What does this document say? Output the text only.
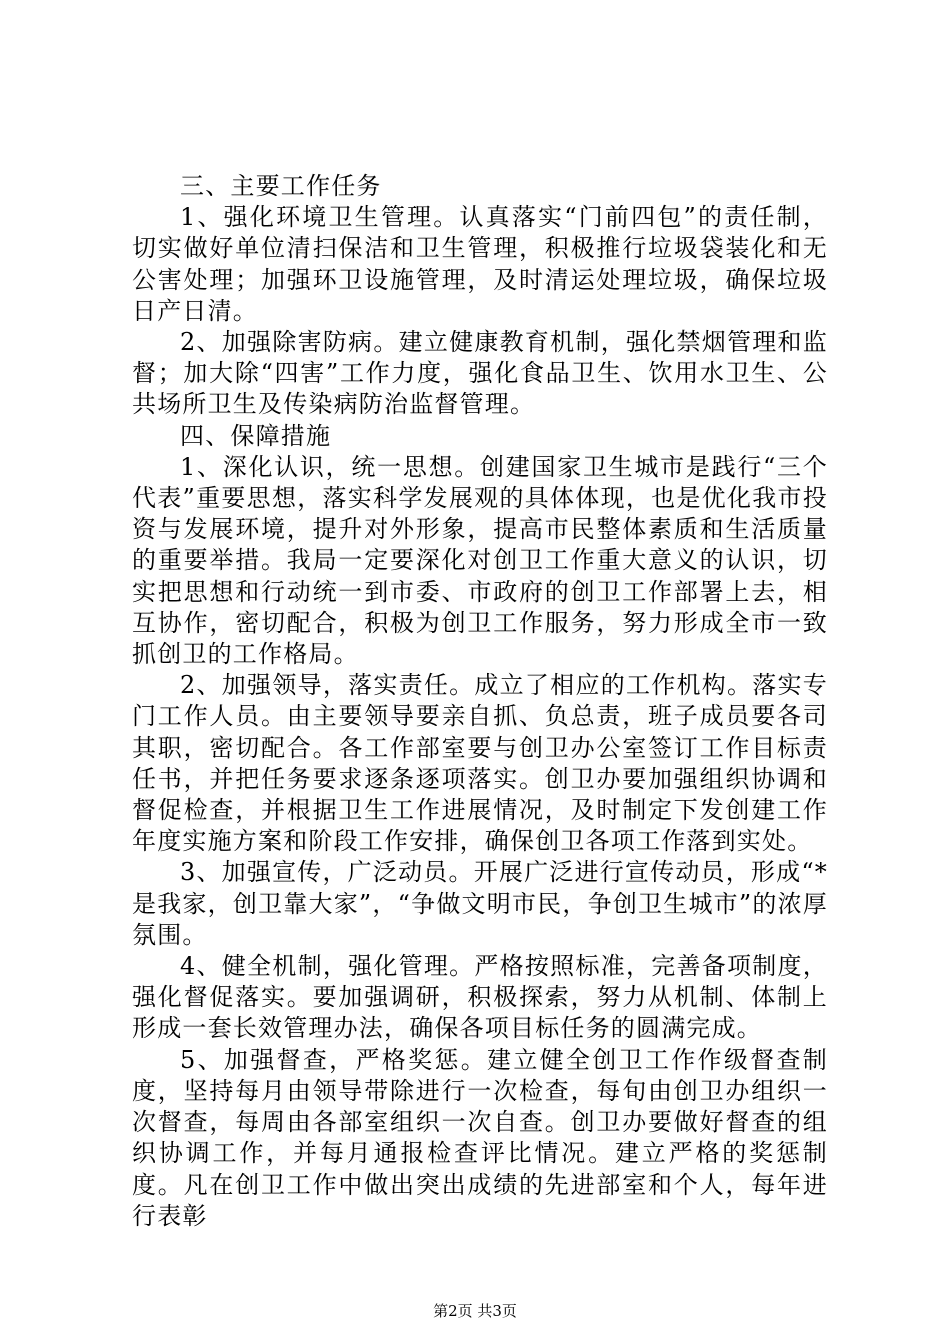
三、主要工作任务

1、强化环境卫生管理。认真落实“门前四包”的责任制，切实做好单位清扫保洁和卫生管理，积极推行垃圾袋装化和无公害处理；加强环卫设施管理，及时清运处理垃圾，确保垃圾日产日清。

2、加强除害防病。建立健康教育机制，强化禁烟管理和监督；加大除“四害”工作力度，强化食品卫生、饮用水卫生、公共场所卫生及传染病防治监督管理。

四、保障措施

1、深化认识，统一思想。创建国家卫生城市是践行“三个代表”重要思想，落实科学发展观的具体体现，也是优化我市投资与发展环境，提升对外形象，提高市民整体素质和生活质量的重要举措。我局一定要深化对创卫工作重大意义的认识，切实把思想和行动统一到市委、市政府的创卫工作部署上去，相互协作，密切配合，积极为创卫工作服务，努力形成全市一致抓创卫的工作格局。

2、加强领导，落实责任。成立了相应的工作机构。落实专门工作人员。由主要领导要亲自抓、负总责，班子成员要各司其职，密切配合。各工作部室要与创卫办公室签订工作目标责任书，并把任务要求逐条逐项落实。创卫办要加强组织协调和督促检查，并根据卫生工作进展情况，及时制定下发创建工作年度实施方案和阶段工作安排，确保创卫各项工作落到实处。

3、加强宣传，广泛动员。开展广泛进行宣传动员，形成“*是我家，创卫靠大家”，“争做文明市民，争创卫生城市”的浓厚氛围。

4、健全机制，强化管理。严格按照标准，完善备项制度，强化督促落实。要加强调研，积极探索，努力从机制、体制上形成一套长效管理办法，确保各项目标任务的圆满完成。

5、加强督查，严格奖惩。建立健全创卫工作作级督查制度，坚持每月由领导带除进行一次检查，每旬由创卫办组织一次督查，每周由各部室组织一次自查。创卫办要做好督查的组织协调工作，并每月通报检查评比情况。建立严格的奖惩制度。凡在创卫工作中做出突出成绩的先进部室和个人，每年进行表彰

第2页 共3页
